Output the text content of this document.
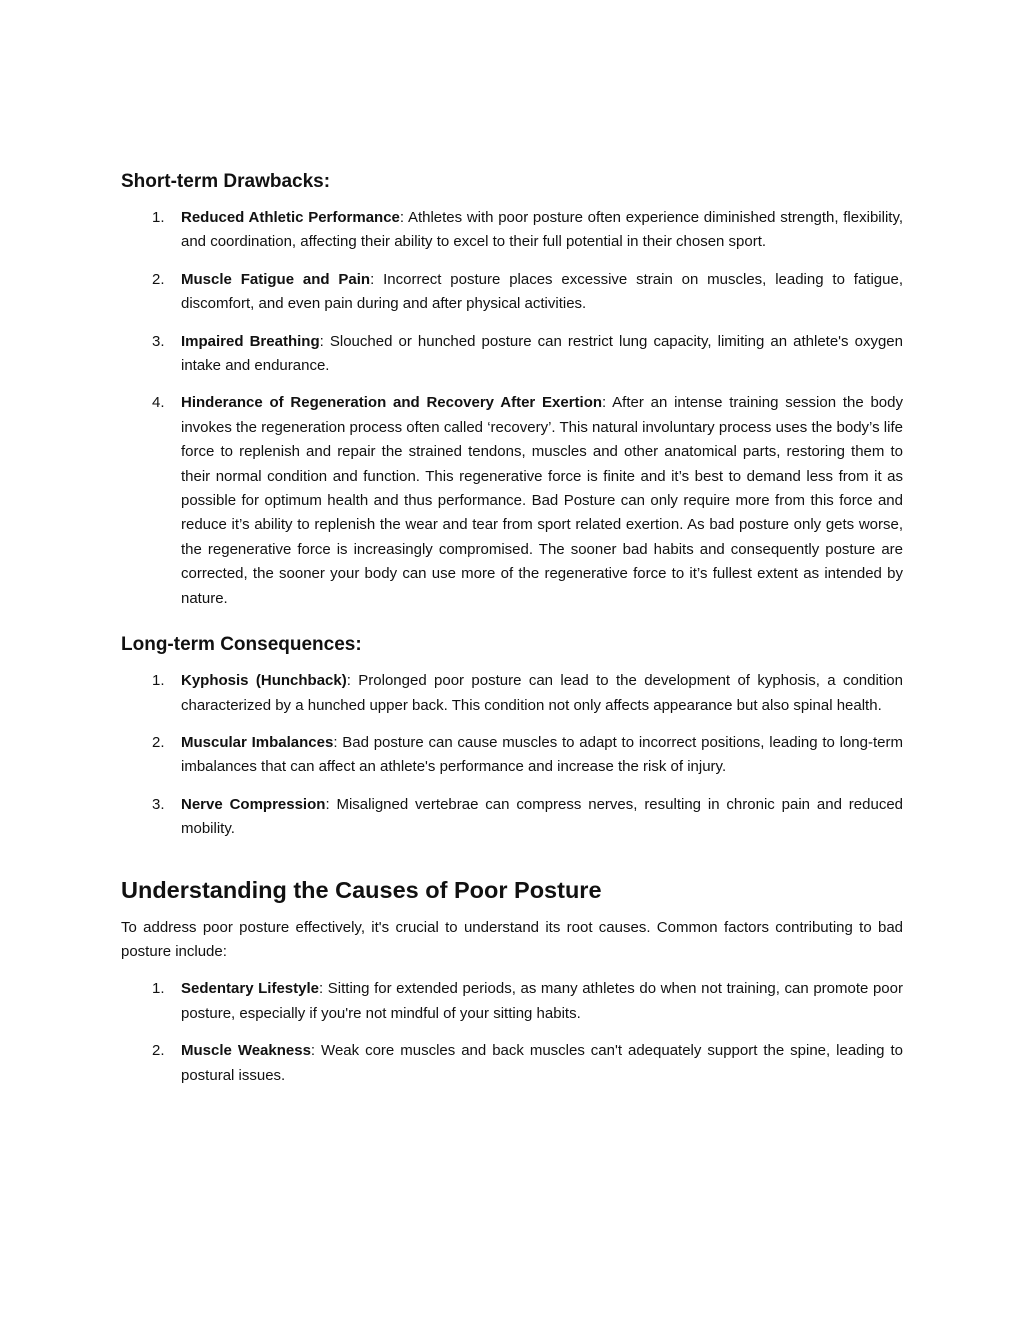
Short-term Drawbacks:
1. Reduced Athletic Performance: Athletes with poor posture often experience diminished strength, flexibility, and coordination, affecting their ability to excel to their full potential in their chosen sport.

2. Muscle Fatigue and Pain: Incorrect posture places excessive strain on muscles, leading to fatigue, discomfort, and even pain during and after physical activities.

3. Impaired Breathing: Slouched or hunched posture can restrict lung capacity, limiting an athlete's oxygen intake and endurance.

4. Hinderance of Regeneration and Recovery After Exertion: After an intense training session the body invokes the regeneration process often called ‘recovery’. This natural involuntary process uses the body’s life force to replenish and repair the strained tendons, muscles and other anatomical parts, restoring them to their normal condition and function. This regenerative force is finite and it’s best to demand less from it as possible for optimum health and thus performance. Bad Posture can only require more from this force and reduce it’s ability to replenish the wear and tear from sport related exertion. As bad posture only gets worse, the regenerative force is increasingly compromised. The sooner bad habits and consequently posture are corrected, the sooner your body can use more of the regenerative force to it’s fullest extent as intended by nature.

Long-term Consequences:
1. Kyphosis (Hunchback): Prolonged poor posture can lead to the development of kyphosis, a condition characterized by a hunched upper back. This condition not only affects appearance but also spinal health.

2. Muscular Imbalances: Bad posture can cause muscles to adapt to incorrect positions, leading to long-term imbalances that can affect an athlete's performance and increase the risk of injury.

3. Nerve Compression: Misaligned vertebrae can compress nerves, resulting in chronic pain and reduced mobility.

Understanding the Causes of Poor Posture

To address poor posture effectively, it's crucial to understand its root causes. Common factors contributing to bad posture include:

1. Sedentary Lifestyle: Sitting for extended periods, as many athletes do when not training, can promote poor posture, especially if you're not mindful of your sitting habits.

2. Muscle Weakness: Weak core muscles and back muscles can't adequately support the spine, leading to postural issues.
